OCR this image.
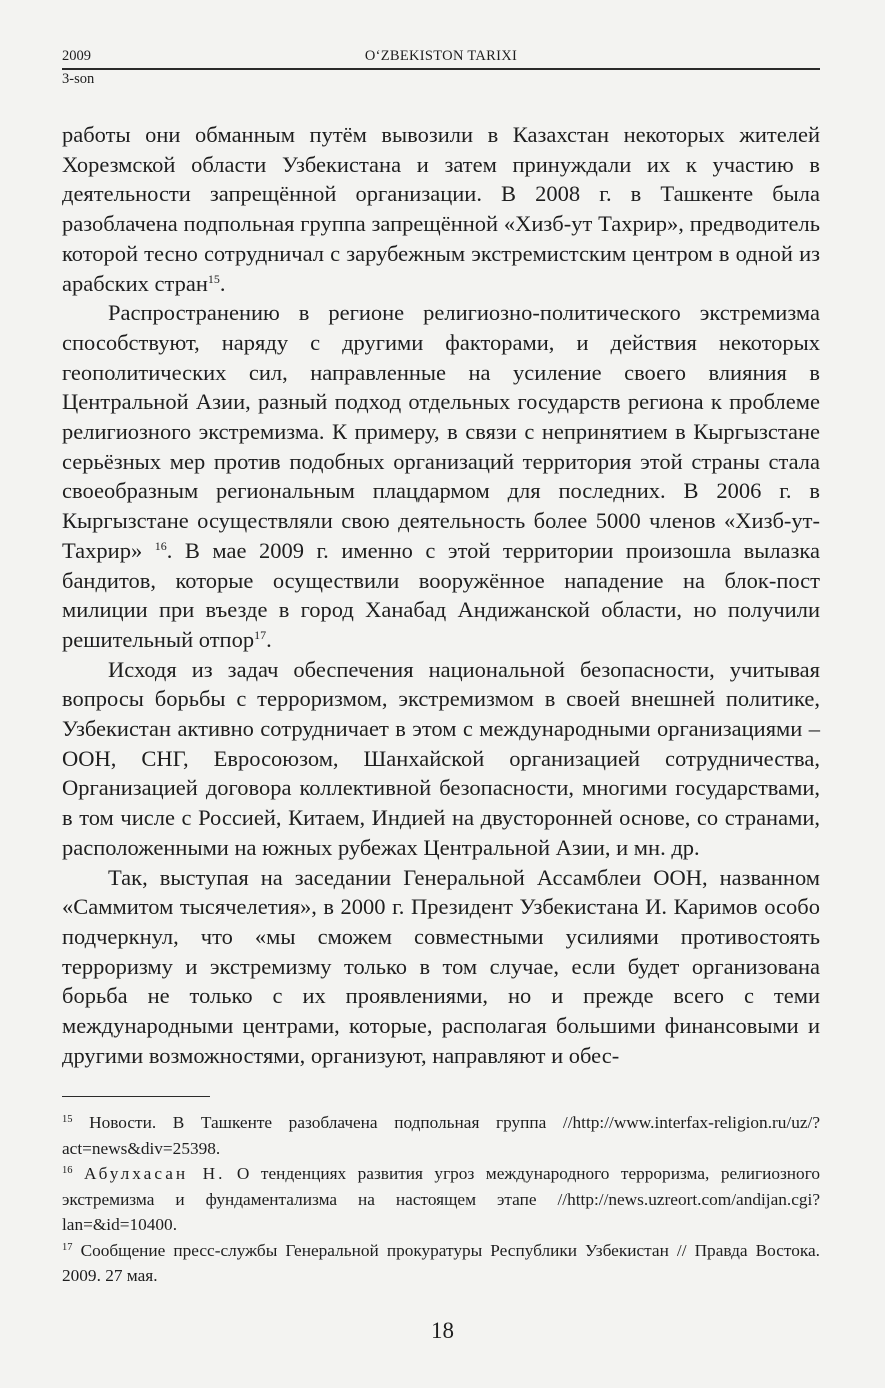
2009	O‘ZBEKISTON TARIXI
3-son

работы они обманным путём вывозили в Казахстан некоторых жителей Хорезмской области Узбекистана и затем принуждали их к участию в деятельности запрещённой организации. В 2008 г. в Ташкенте была разоблачена подпольная группа запрещённой «Хизб-ут Тахрир», предводитель которой тесно сотрудничал с зарубежным экстремистским центром в одной из арабских стран$^{15}$.

Распространению в регионе религиозно-политического экстремизма способствуют, наряду с другими факторами, и действия некоторых геополитических сил, направленные на усиление своего влияния в Центральной Азии, разный подход отдельных государств региона к проблеме религиозного экстремизма. К примеру, в связи с непринятием в Кыргызстане серьёзных мер против подобных организаций территория этой страны стала своеобразным региональным плацдармом для последних. В 2006 г. в Кыргызстане осуществляли свою деятельность более 5000 членов «Хизб-ут-Тахрир» $^{16}$. В мае 2009 г. именно с этой территории произошла вылазка бандитов, которые осуществили вооружённое нападение на блок-пост милиции при въезде в город Ханабад Андижанской области, но получили решительный отпор$^{17}$.

Исходя из задач обеспечения национальной безопасности, учитывая вопросы борьбы с терроризмом, экстремизмом в своей внешней политике, Узбекистан активно сотрудничает в этом с международными организациями – ООН, СНГ, Евросоюзом, Шанхайской организацией сотрудничества, Организацией договора коллективной безопасности, многими государствами, в том числе с Россией, Китаем, Индией на двусторонней основе, со странами, расположенными на южных рубежах Центральной Азии, и мн. др.

Так, выступая на заседании Генеральной Ассамблеи ООН, названном «Саммитом тысячелетия», в 2000 г. Президент Узбекистана И. Каримов особо подчеркнул, что «мы сможем совместными усилиями противостоять терроризму и экстремизму только в том случае, если будет организована борьба не только с их проявлениями, но и прежде всего с теми международными центрами, которые, располагая большими финансовыми и другими возможностями, организуют, направляют и обес-

$^{15}$ Новости. В Ташкенте разоблачена подпольная группа //http://www.interfax-religion.ru/uz/?act=news&div=25398.

$^{16}$ Абулхасан Н. О тенденциях развития угроз международного терроризма, религиозного экстремизма и фундаментализма на настоящем этапе //http://news.uzreort.com/andijan.cgi?lan=&id=10400.

$^{17}$ Сообщение пресс-службы Генеральной прокуратуры Республики Узбекистан // Правда Востока. 2009. 27 мая.

18
